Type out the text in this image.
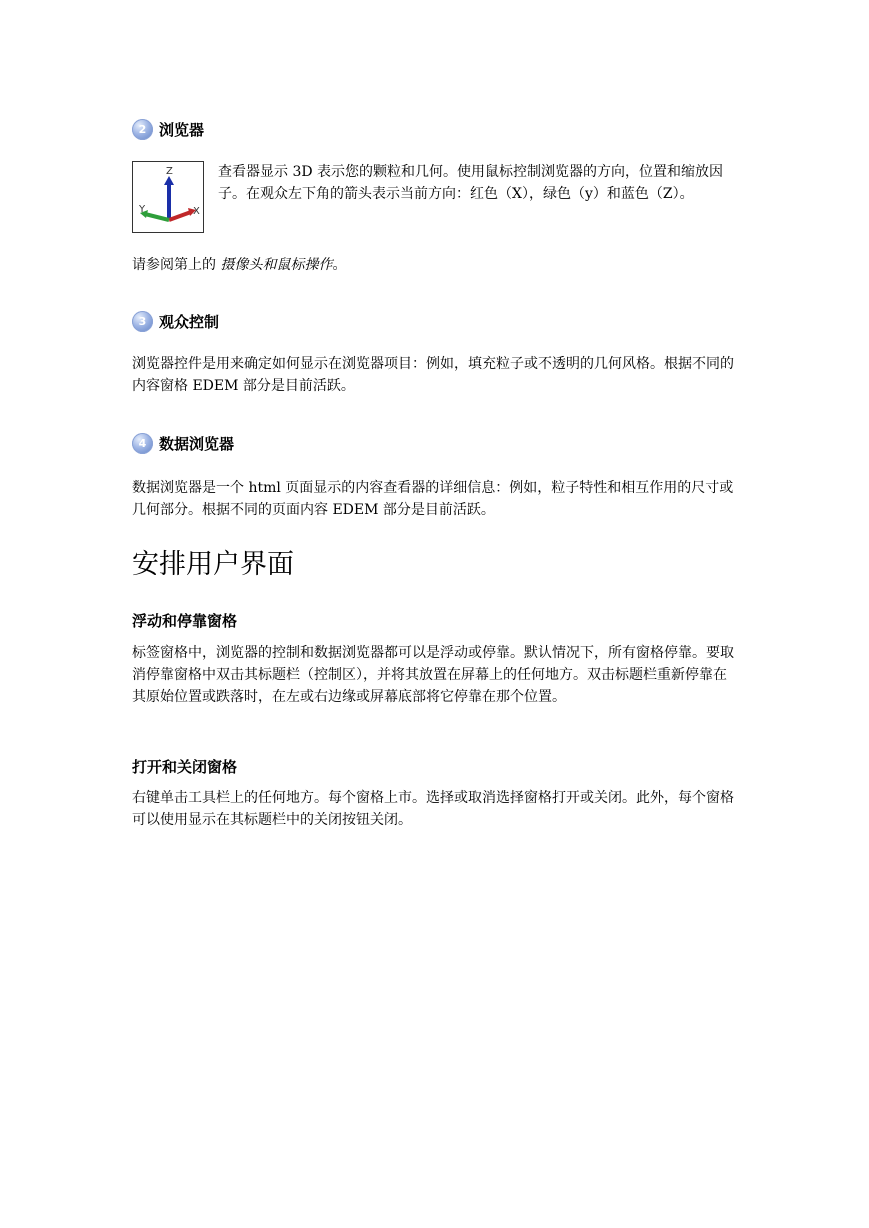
2 浏览器
Z
X
Y
查看器显示 3D 表示您的颗粒和几何。使用鼠标控制浏览器的方向，位置和缩放因子。在观众左下角的箭头表示当前方向：红色（X），绿色（y）和蓝色（Z）。
请参阅第上的 摄像头和鼠标操作。
3 观众控制
浏览器控件是用来确定如何显示在浏览器项目：例如，填充粒子或不透明的几何风格。根据不同的内容窗格 EDEM 部分是目前活跃。
4 数据浏览器
数据浏览器是一个 html 页面显示的内容查看器的详细信息：例如，粒子特性和相互作用的尺寸或几何部分。根据不同的页面内容 EDEM 部分是目前活跃。
安排用户界面
浮动和停靠窗格
标签窗格中，浏览器的控制和数据浏览器都可以是浮动或停靠。默认情况下，所有窗格停靠。要取消停靠窗格中双击其标题栏（控制区），并将其放置在屏幕上的任何地方。双击标题栏重新停靠在其原始位置或跌落时，在左或右边缘或屏幕底部将它停靠在那个位置。
打开和关闭窗格
右键单击工具栏上的任何地方。每个窗格上市。选择或取消选择窗格打开或关闭。此外，每个窗格可以使用显示在其标题栏中的关闭按钮关闭。
